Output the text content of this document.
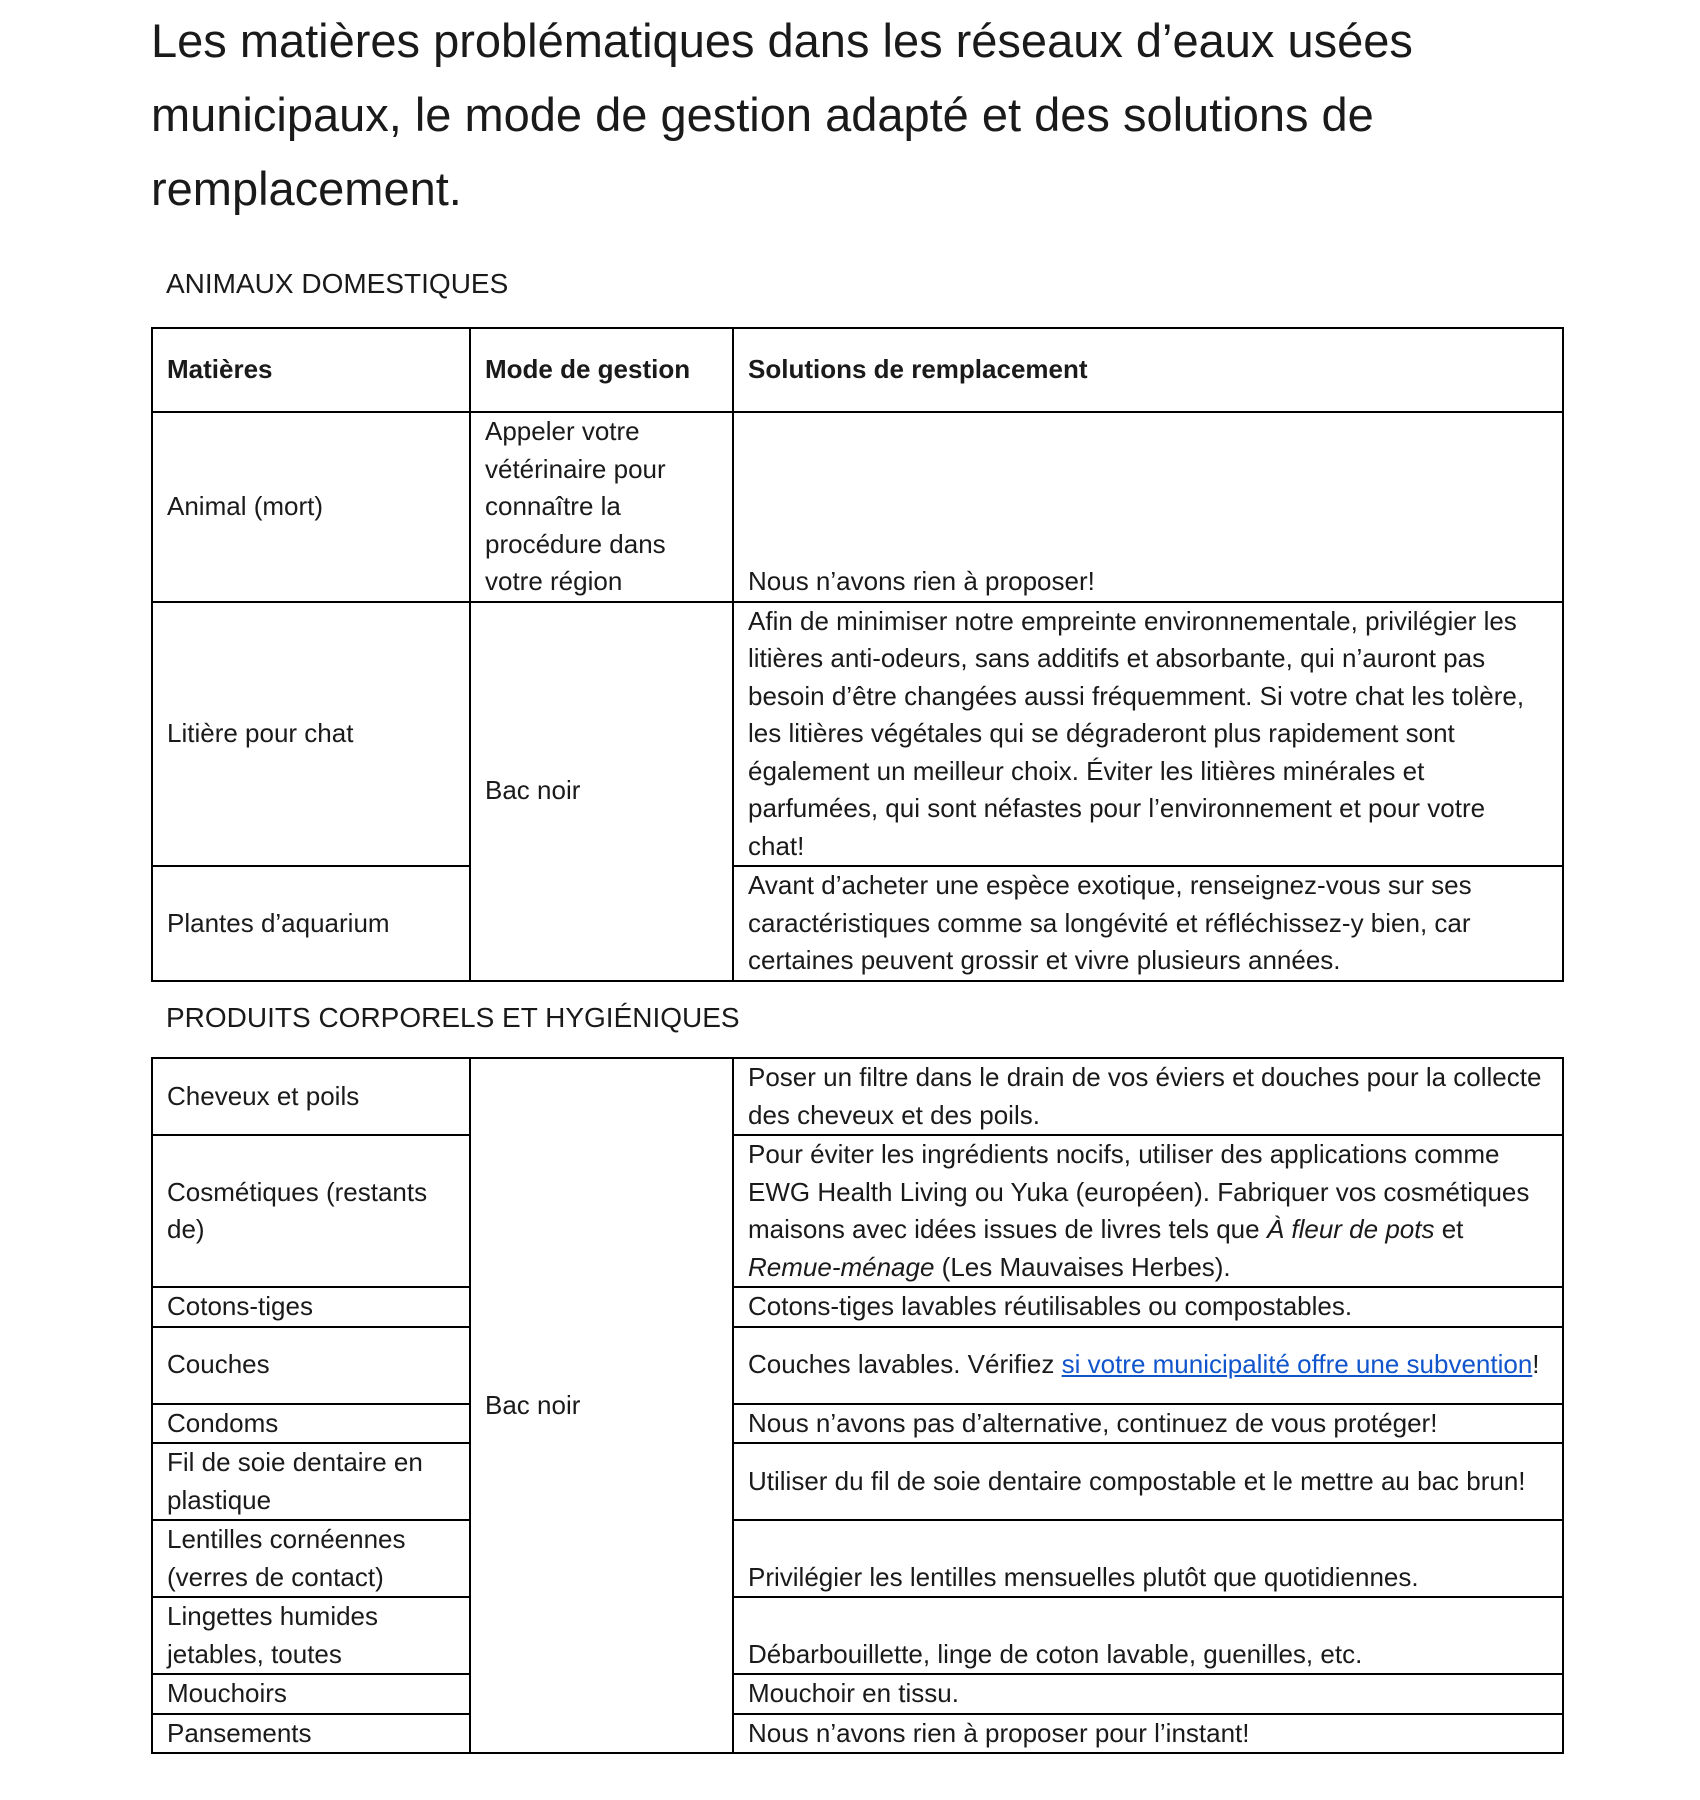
Les matières problématiques dans les réseaux d’eaux usées municipaux, le mode de gestion adapté et des solutions de remplacement.
ANIMAUX DOMESTIQUES
Matières	Mode de gestion	Solutions de remplacement
Animal (mort)	Appeler votre vétérinaire pour connaître la procédure dans votre région	Nous n’avons rien à proposer!
Litière pour chat	Bac noir	Afin de minimiser notre empreinte environnementale, privilégier les litières anti-odeurs, sans additifs et absorbante, qui n’auront pas besoin d’être changées aussi fréquemment. Si votre chat les tolère, les litières végétales qui se dégraderont plus rapidement sont également un meilleur choix. Éviter les litières minérales et parfumées, qui sont néfastes pour l’environnement et pour votre chat!
Plantes d’aquarium		Avant d’acheter une espèce exotique, renseignez-vous sur ses caractéristiques comme sa longévité et réfléchissez-y bien, car certaines peuvent grossir et vivre plusieurs années.
PRODUITS CORPORELS ET HYGIÉNIQUES
Cheveux et poils	Bac noir	Poser un filtre dans le drain de vos éviers et douches pour la collecte des cheveux et des poils.
Cosmétiques (restants de)		Pour éviter les ingrédients nocifs, utiliser des applications comme EWG Health Living ou Yuka (européen). Fabriquer vos cosmétiques maisons avec idées issues de livres tels que À fleur de pots et Remue-ménage (Les Mauvaises Herbes).
Cotons-tiges		Cotons-tiges lavables réutilisables ou compostables.
Couches		Couches lavables. Vérifiez si votre municipalité offre une subvention!
Condoms		Nous n’avons pas d’alternative, continuez de vous protéger!
Fil de soie dentaire en plastique		Utiliser du fil de soie dentaire compostable et le mettre au bac brun!
Lentilles cornéennes (verres de contact)		Privilégier les lentilles mensuelles plutôt que quotidiennes.
Lingettes humides jetables, toutes		Débarbouillette, linge de coton lavable, guenilles, etc.
Mouchoirs		Mouchoir en tissu.
Pansements		Nous n’avons rien à proposer pour l’instant!
